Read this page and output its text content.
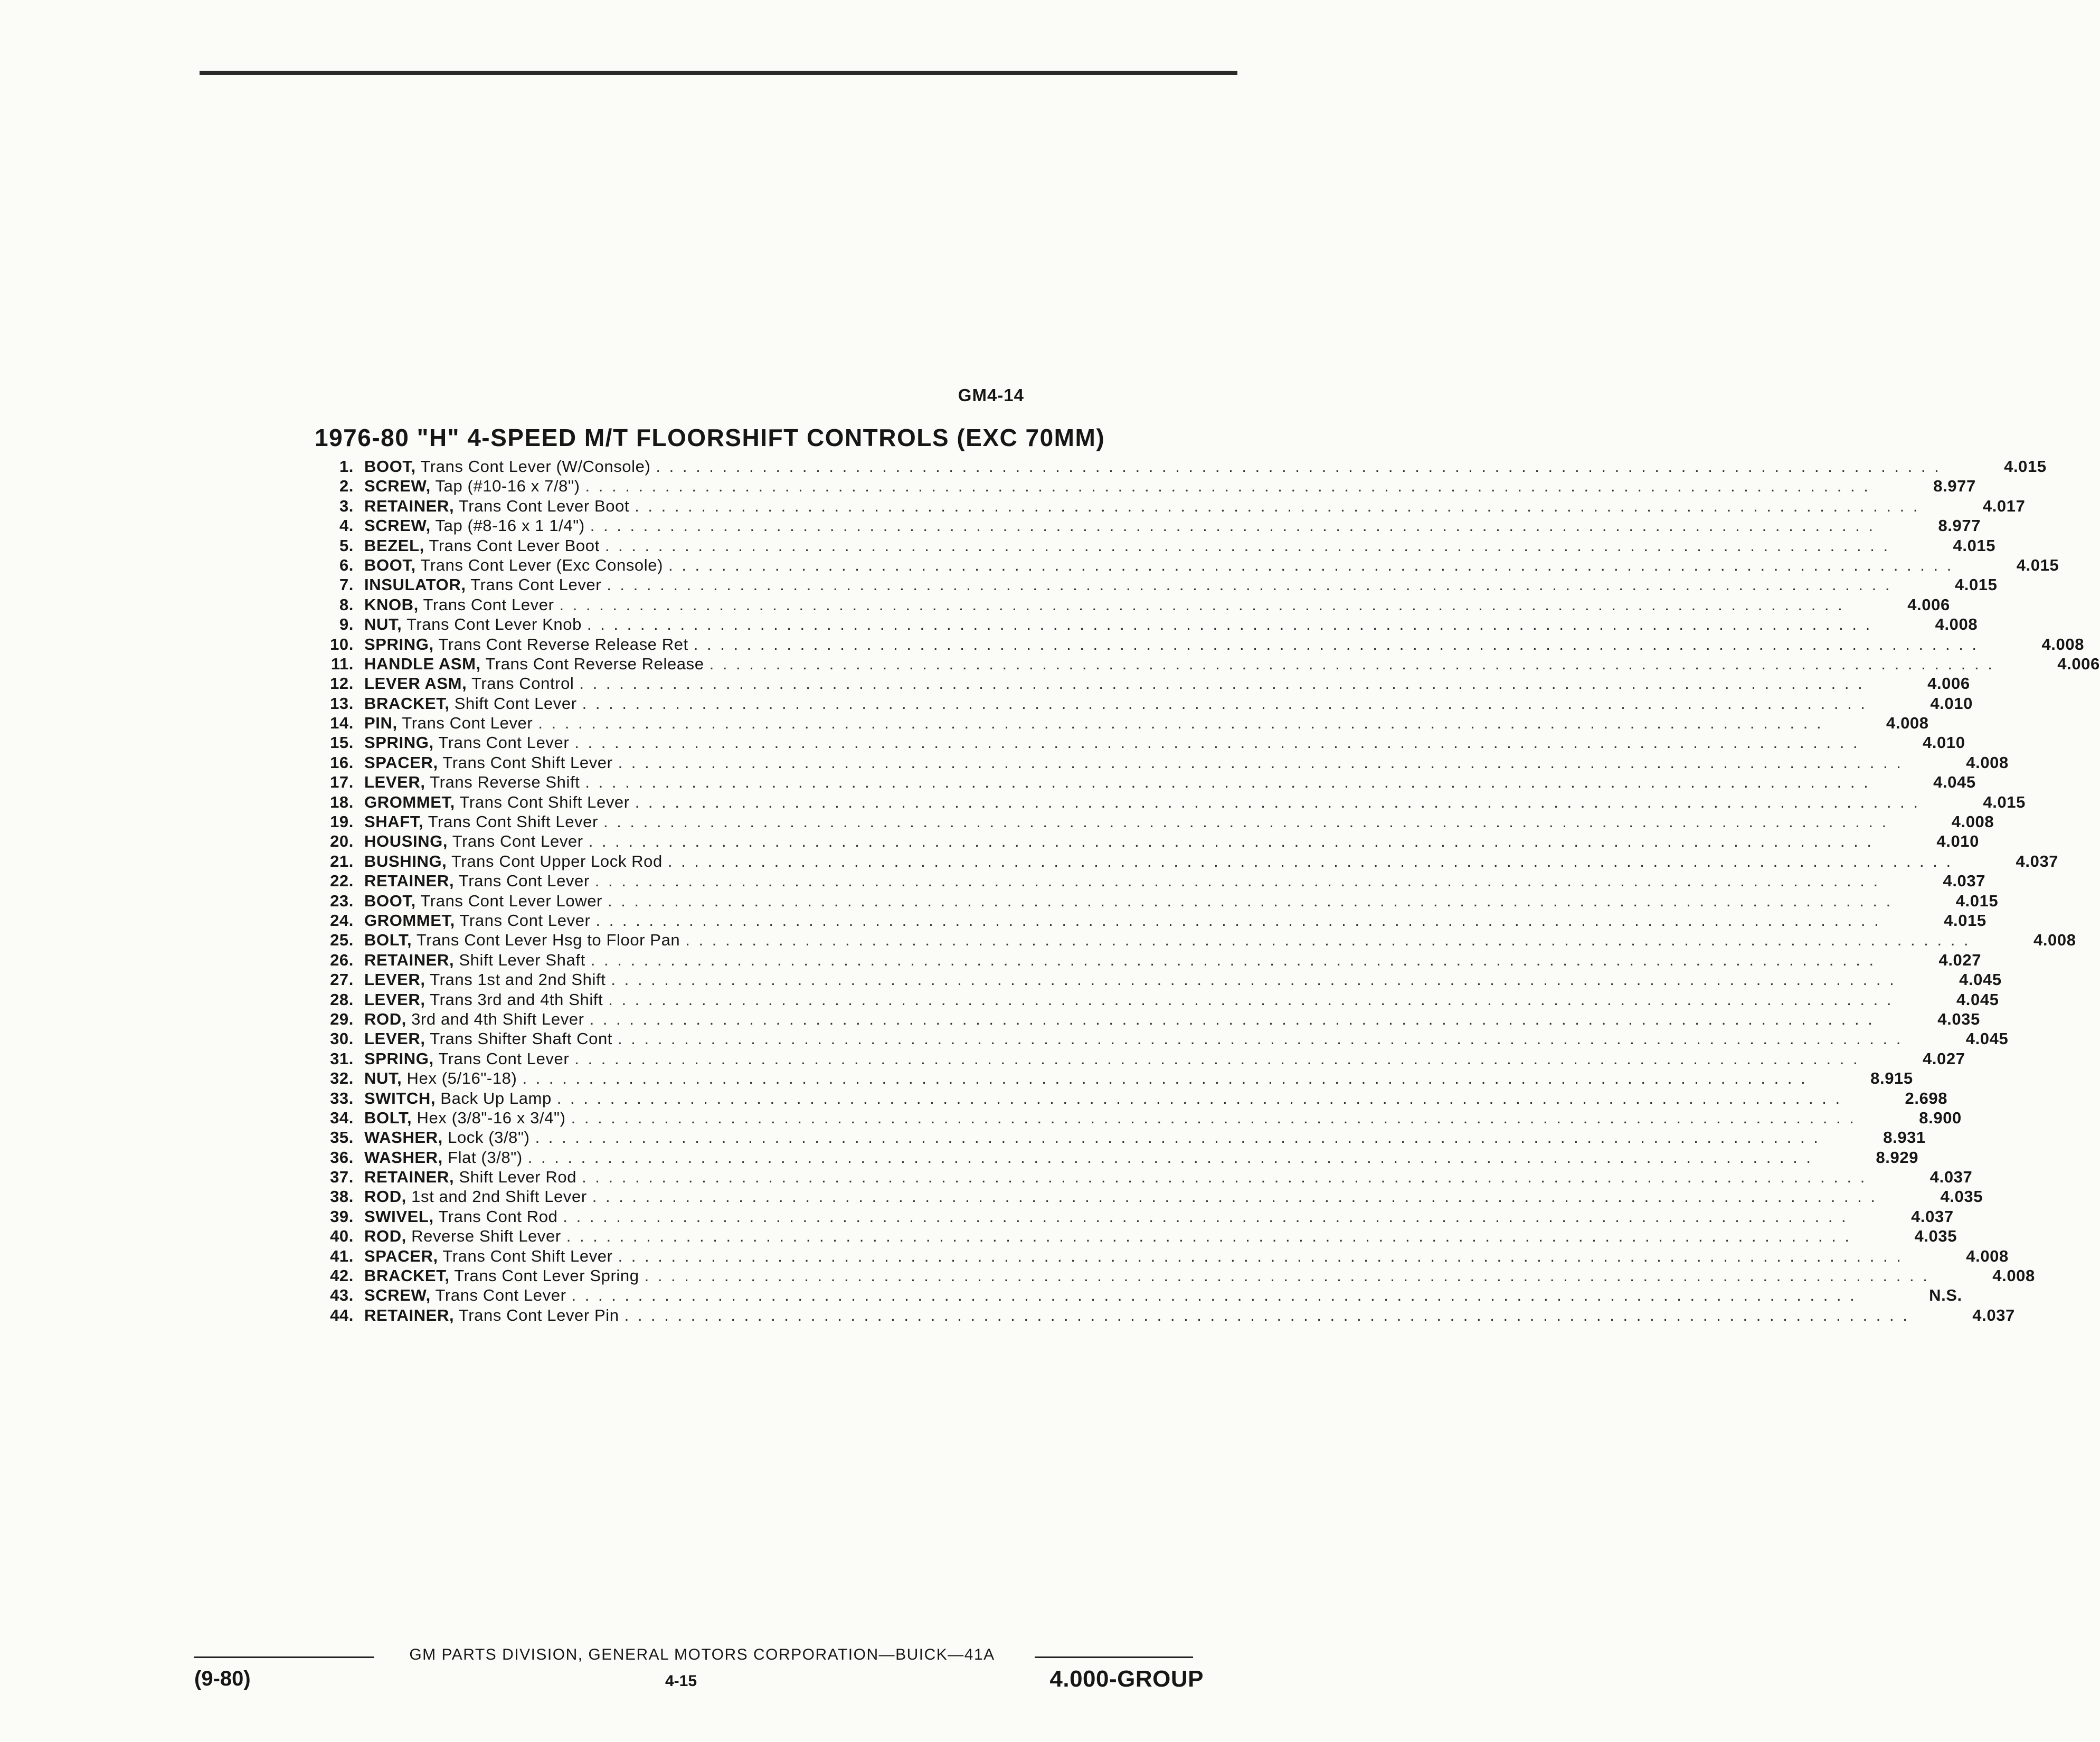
GM4-14
1976-80 "H" 4-SPEED M/T FLOORSHIFT CONTROLS (EXC 70MM)
1. BOOT, Trans Cont Lever (W/Console) . . . . . . . . . . . . . . . . . . . . . . . . . . . . . . . . . . . . . . . . . . . . . . . . . . . . . . . . . . . . . . . . . . . . . . . . . . . . . . . . . . . . . . . . . . . . . . . . .	4.015
2. SCREW, Tap (#10-16 x 7/8") . . . . . . . . . . . . . . . . . . . . . . . . . . . . . . . . . . . . . . . . . . . . . . . . . . . . . . . . . . . . . . . . . . . . . . . . . . . . . . . . . . . . . . . . . . . . . . . . .	8.977
3. RETAINER, Trans Cont Lever Boot . . . . . . . . . . . . . . . . . . . . . . . . . . . . . . . . . . . . . . . . . . . . . . . . . . . . . . . . . . . . . . . . . . . . . . . . . . . . . . . . . . . . . . . . . . . . . . . . .	4.017
4. SCREW, Tap (#8-16 x 1 1/4") . . . . . . . . . . . . . . . . . . . . . . . . . . . . . . . . . . . . . . . . . . . . . . . . . . . . . . . . . . . . . . . . . . . . . . . . . . . . . . . . . . . . . . . . . . . . . . . . .	8.977
5. BEZEL, Trans Cont Lever Boot . . . . . . . . . . . . . . . . . . . . . . . . . . . . . . . . . . . . . . . . . . . . . . . . . . . . . . . . . . . . . . . . . . . . . . . . . . . . . . . . . . . . . . . . . . . . . . . . .	4.015
6. BOOT, Trans Cont Lever (Exc Console) . . . . . . . . . . . . . . . . . . . . . . . . . . . . . . . . . . . . . . . . . . . . . . . . . . . . . . . . . . . . . . . . . . . . . . . . . . . . . . . . . . . . . . . . . . . . . . . . .	4.015
7. INSULATOR, Trans Cont Lever . . . . . . . . . . . . . . . . . . . . . . . . . . . . . . . . . . . . . . . . . . . . . . . . . . . . . . . . . . . . . . . . . . . . . . . . . . . . . . . . . . . . . . . . . . . . . . . . .	4.015
8. KNOB, Trans Cont Lever . . . . . . . . . . . . . . . . . . . . . . . . . . . . . . . . . . . . . . . . . . . . . . . . . . . . . . . . . . . . . . . . . . . . . . . . . . . . . . . . . . . . . . . . . . . . . . . . .	4.006
9. NUT, Trans Cont Lever Knob . . . . . . . . . . . . . . . . . . . . . . . . . . . . . . . . . . . . . . . . . . . . . . . . . . . . . . . . . . . . . . . . . . . . . . . . . . . . . . . . . . . . . . . . . . . . . . . . .	4.008
10. SPRING, Trans Cont Reverse Release Ret . . . . . . . . . . . . . . . . . . . . . . . . . . . . . . . . . . . . . . . . . . . . . . . . . . . . . . . . . . . . . . . . . . . . . . . . . . . . . . . . . . . . . . . . . . . . . . . . .	4.008
11. HANDLE ASM, Trans Cont Reverse Release . . . . . . . . . . . . . . . . . . . . . . . . . . . . . . . . . . . . . . . . . . . . . . . . . . . . . . . . . . . . . . . . . . . . . . . . . . . . . . . . . . . . . . . . . . . . . . . . .	4.006
12. LEVER ASM, Trans Control . . . . . . . . . . . . . . . . . . . . . . . . . . . . . . . . . . . . . . . . . . . . . . . . . . . . . . . . . . . . . . . . . . . . . . . . . . . . . . . . . . . . . . . . . . . . . . . . .	4.006
13. BRACKET, Shift Cont Lever . . . . . . . . . . . . . . . . . . . . . . . . . . . . . . . . . . . . . . . . . . . . . . . . . . . . . . . . . . . . . . . . . . . . . . . . . . . . . . . . . . . . . . . . . . . . . . . . .	4.010
14. PIN, Trans Cont Lever . . . . . . . . . . . . . . . . . . . . . . . . . . . . . . . . . . . . . . . . . . . . . . . . . . . . . . . . . . . . . . . . . . . . . . . . . . . . . . . . . . . . . . . . . . . . . . . . .	4.008
15. SPRING, Trans Cont Lever . . . . . . . . . . . . . . . . . . . . . . . . . . . . . . . . . . . . . . . . . . . . . . . . . . . . . . . . . . . . . . . . . . . . . . . . . . . . . . . . . . . . . . . . . . . . . . . . .	4.010
16. SPACER, Trans Cont Shift Lever . . . . . . . . . . . . . . . . . . . . . . . . . . . . . . . . . . . . . . . . . . . . . . . . . . . . . . . . . . . . . . . . . . . . . . . . . . . . . . . . . . . . . . . . . . . . . . . . .	4.008
17. LEVER, Trans Reverse Shift . . . . . . . . . . . . . . . . . . . . . . . . . . . . . . . . . . . . . . . . . . . . . . . . . . . . . . . . . . . . . . . . . . . . . . . . . . . . . . . . . . . . . . . . . . . . . . . . .	4.045
18. GROMMET, Trans Cont Shift Lever . . . . . . . . . . . . . . . . . . . . . . . . . . . . . . . . . . . . . . . . . . . . . . . . . . . . . . . . . . . . . . . . . . . . . . . . . . . . . . . . . . . . . . . . . . . . . . . . .	4.015
19. SHAFT, Trans Cont Shift Lever . . . . . . . . . . . . . . . . . . . . . . . . . . . . . . . . . . . . . . . . . . . . . . . . . . . . . . . . . . . . . . . . . . . . . . . . . . . . . . . . . . . . . . . . . . . . . . . . .	4.008
20. HOUSING, Trans Cont Lever . . . . . . . . . . . . . . . . . . . . . . . . . . . . . . . . . . . . . . . . . . . . . . . . . . . . . . . . . . . . . . . . . . . . . . . . . . . . . . . . . . . . . . . . . . . . . . . . .	4.010
21. BUSHING, Trans Cont Upper Lock Rod . . . . . . . . . . . . . . . . . . . . . . . . . . . . . . . . . . . . . . . . . . . . . . . . . . . . . . . . . . . . . . . . . . . . . . . . . . . . . . . . . . . . . . . . . . . . . . . . .	4.037
22. RETAINER, Trans Cont Lever . . . . . . . . . . . . . . . . . . . . . . . . . . . . . . . . . . . . . . . . . . . . . . . . . . . . . . . . . . . . . . . . . . . . . . . . . . . . . . . . . . . . . . . . . . . . . . . . .	4.037
23. BOOT, Trans Cont Lever Lower . . . . . . . . . . . . . . . . . . . . . . . . . . . . . . . . . . . . . . . . . . . . . . . . . . . . . . . . . . . . . . . . . . . . . . . . . . . . . . . . . . . . . . . . . . . . . . . . .	4.015
24. GROMMET, Trans Cont Lever . . . . . . . . . . . . . . . . . . . . . . . . . . . . . . . . . . . . . . . . . . . . . . . . . . . . . . . . . . . . . . . . . . . . . . . . . . . . . . . . . . . . . . . . . . . . . . . . .	4.015
25. BOLT, Trans Cont Lever Hsg to Floor Pan . . . . . . . . . . . . . . . . . . . . . . . . . . . . . . . . . . . . . . . . . . . . . . . . . . . . . . . . . . . . . . . . . . . . . . . . . . . . . . . . . . . . . . . . . . . . . . . . .	4.008
26. RETAINER, Shift Lever Shaft . . . . . . . . . . . . . . . . . . . . . . . . . . . . . . . . . . . . . . . . . . . . . . . . . . . . . . . . . . . . . . . . . . . . . . . . . . . . . . . . . . . . . . . . . . . . . . . . .	4.027
27. LEVER, Trans 1st and 2nd Shift . . . . . . . . . . . . . . . . . . . . . . . . . . . . . . . . . . . . . . . . . . . . . . . . . . . . . . . . . . . . . . . . . . . . . . . . . . . . . . . . . . . . . . . . . . . . . . . . .	4.045
28. LEVER, Trans 3rd and 4th Shift . . . . . . . . . . . . . . . . . . . . . . . . . . . . . . . . . . . . . . . . . . . . . . . . . . . . . . . . . . . . . . . . . . . . . . . . . . . . . . . . . . . . . . . . . . . . . . . . .	4.045
29. ROD, 3rd and 4th Shift Lever . . . . . . . . . . . . . . . . . . . . . . . . . . . . . . . . . . . . . . . . . . . . . . . . . . . . . . . . . . . . . . . . . . . . . . . . . . . . . . . . . . . . . . . . . . . . . . . . .	4.035
30. LEVER, Trans Shifter Shaft Cont . . . . . . . . . . . . . . . . . . . . . . . . . . . . . . . . . . . . . . . . . . . . . . . . . . . . . . . . . . . . . . . . . . . . . . . . . . . . . . . . . . . . . . . . . . . . . . . . .	4.045
31. SPRING, Trans Cont Lever . . . . . . . . . . . . . . . . . . . . . . . . . . . . . . . . . . . . . . . . . . . . . . . . . . . . . . . . . . . . . . . . . . . . . . . . . . . . . . . . . . . . . . . . . . . . . . . . .	4.027
32. NUT, Hex (5/16"-18) . . . . . . . . . . . . . . . . . . . . . . . . . . . . . . . . . . . . . . . . . . . . . . . . . . . . . . . . . . . . . . . . . . . . . . . . . . . . . . . . . . . . . . . . . . . . . . . . .	8.915
33. SWITCH, Back Up Lamp . . . . . . . . . . . . . . . . . . . . . . . . . . . . . . . . . . . . . . . . . . . . . . . . . . . . . . . . . . . . . . . . . . . . . . . . . . . . . . . . . . . . . . . . . . . . . . . . .	2.698
34. BOLT, Hex (3/8"-16 x 3/4") . . . . . . . . . . . . . . . . . . . . . . . . . . . . . . . . . . . . . . . . . . . . . . . . . . . . . . . . . . . . . . . . . . . . . . . . . . . . . . . . . . . . . . . . . . . . . . . . .	8.900
35. WASHER, Lock (3/8") . . . . . . . . . . . . . . . . . . . . . . . . . . . . . . . . . . . . . . . . . . . . . . . . . . . . . . . . . . . . . . . . . . . . . . . . . . . . . . . . . . . . . . . . . . . . . . . . .	8.931
36. WASHER, Flat (3/8") . . . . . . . . . . . . . . . . . . . . . . . . . . . . . . . . . . . . . . . . . . . . . . . . . . . . . . . . . . . . . . . . . . . . . . . . . . . . . . . . . . . . . . . . . . . . . . . . .	8.929
37. RETAINER, Shift Lever Rod . . . . . . . . . . . . . . . . . . . . . . . . . . . . . . . . . . . . . . . . . . . . . . . . . . . . . . . . . . . . . . . . . . . . . . . . . . . . . . . . . . . . . . . . . . . . . . . . .	4.037
38. ROD, 1st and 2nd Shift Lever . . . . . . . . . . . . . . . . . . . . . . . . . . . . . . . . . . . . . . . . . . . . . . . . . . . . . . . . . . . . . . . . . . . . . . . . . . . . . . . . . . . . . . . . . . . . . . . . .	4.035
39. SWIVEL, Trans Cont Rod . . . . . . . . . . . . . . . . . . . . . . . . . . . . . . . . . . . . . . . . . . . . . . . . . . . . . . . . . . . . . . . . . . . . . . . . . . . . . . . . . . . . . . . . . . . . . . . . .	4.037
40. ROD, Reverse Shift Lever . . . . . . . . . . . . . . . . . . . . . . . . . . . . . . . . . . . . . . . . . . . . . . . . . . . . . . . . . . . . . . . . . . . . . . . . . . . . . . . . . . . . . . . . . . . . . . . . .	4.035
41. SPACER, Trans Cont Shift Lever . . . . . . . . . . . . . . . . . . . . . . . . . . . . . . . . . . . . . . . . . . . . . . . . . . . . . . . . . . . . . . . . . . . . . . . . . . . . . . . . . . . . . . . . . . . . . . . . .	4.008
42. BRACKET, Trans Cont Lever Spring . . . . . . . . . . . . . . . . . . . . . . . . . . . . . . . . . . . . . . . . . . . . . . . . . . . . . . . . . . . . . . . . . . . . . . . . . . . . . . . . . . . . . . . . . . . . . . . . .	4.008
43. SCREW, Trans Cont Lever . . . . . . . . . . . . . . . . . . . . . . . . . . . . . . . . . . . . . . . . . . . . . . . . . . . . . . . . . . . . . . . . . . . . . . . . . . . . . . . . . . . . . . . . . . . . . . . . .	N.S.
44. RETAINER, Trans Cont Lever Pin . . . . . . . . . . . . . . . . . . . . . . . . . . . . . . . . . . . . . . . . . . . . . . . . . . . . . . . . . . . . . . . . . . . . . . . . . . . . . . . . . . . . . . . . . . . . . . . . .	4.037
GM PARTS DIVISION, GENERAL MOTORS CORPORATION—BUICK—41A
(9-80)	4-15	4.000-GROUP
